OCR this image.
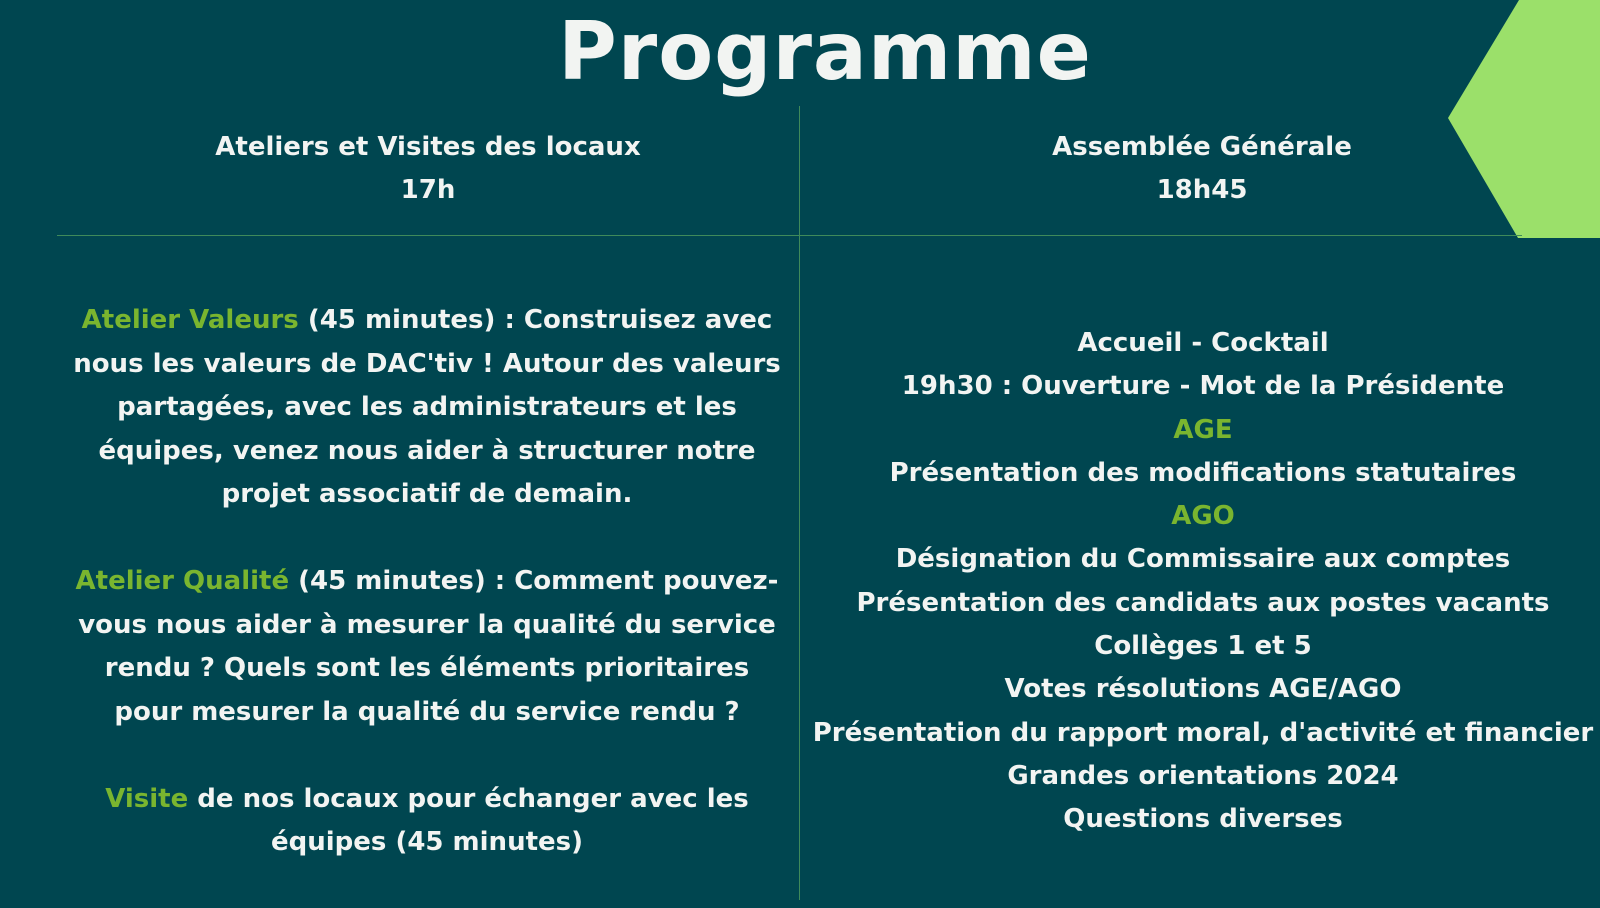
Programme
Ateliers et Visites des locaux
17h
Assemblée Générale
18h45

Atelier Valeurs (45 minutes) : Construisez avec nous les valeurs de DAC'tiv ! Autour des valeurs partagées, avec les administrateurs et les équipes, venez nous aider à structurer notre projet associatif de demain.

Atelier Qualité (45 minutes) : Comment pouvez-vous nous aider à mesurer la qualité du service rendu ? Quels sont les éléments prioritaires pour mesurer la qualité du service rendu ?

Visite de nos locaux pour échanger avec les équipes (45 minutes)

Accueil - Cocktail
19h30 : Ouverture - Mot de la Présidente
AGE
Présentation des modifications statutaires
AGO
Désignation du Commissaire aux comptes
Présentation des candidats aux postes vacants
Collèges 1 et 5
Votes résolutions AGE/AGO
Présentation du rapport moral, d'activité et financier
Grandes orientations 2024
Questions diverses
